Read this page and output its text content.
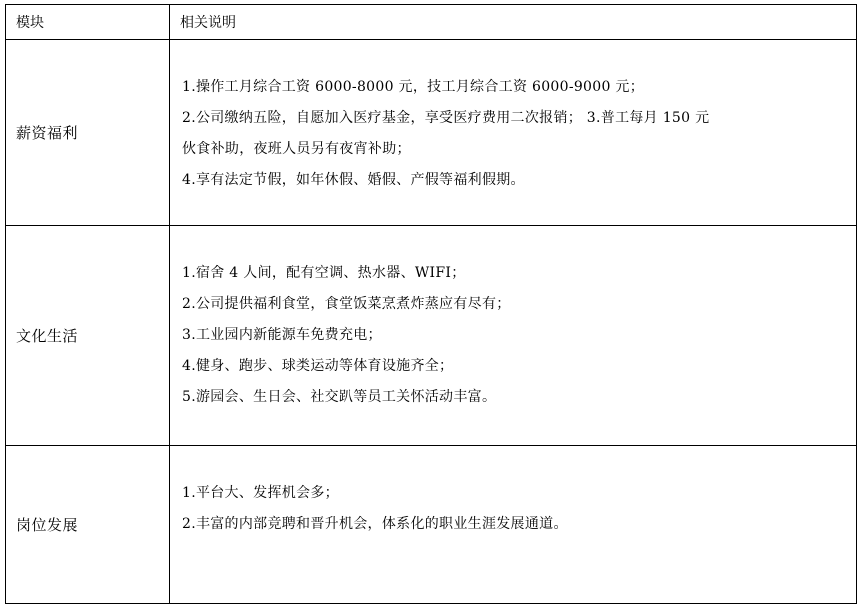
模块	相关说明
薪资福利	1.操作工月综合工资 6000-8000 元，技工月综合工资 6000-9000 元；
2.公司缴纳五险，自愿加入医疗基金，享受医疗费用二次报销； 3.普工每月 150 元
伙食补助，夜班人员另有夜宵补助；
4.享有法定节假，如年休假、婚假、产假等福利假期。

文化生活	1.宿舍 4 人间，配有空调、热水器、WIFI；
2.公司提供福利食堂，食堂饭菜烹煮炸蒸应有尽有；
3.工业园内新能源车免费充电；
4.健身、跑步、球类运动等体育设施齐全；
5.游园会、生日会、社交趴等员工关怀活动丰富。

岗位发展	1.平台大、发挥机会多；
2.丰富的内部竞聘和晋升机会，体系化的职业生涯发展通道。
